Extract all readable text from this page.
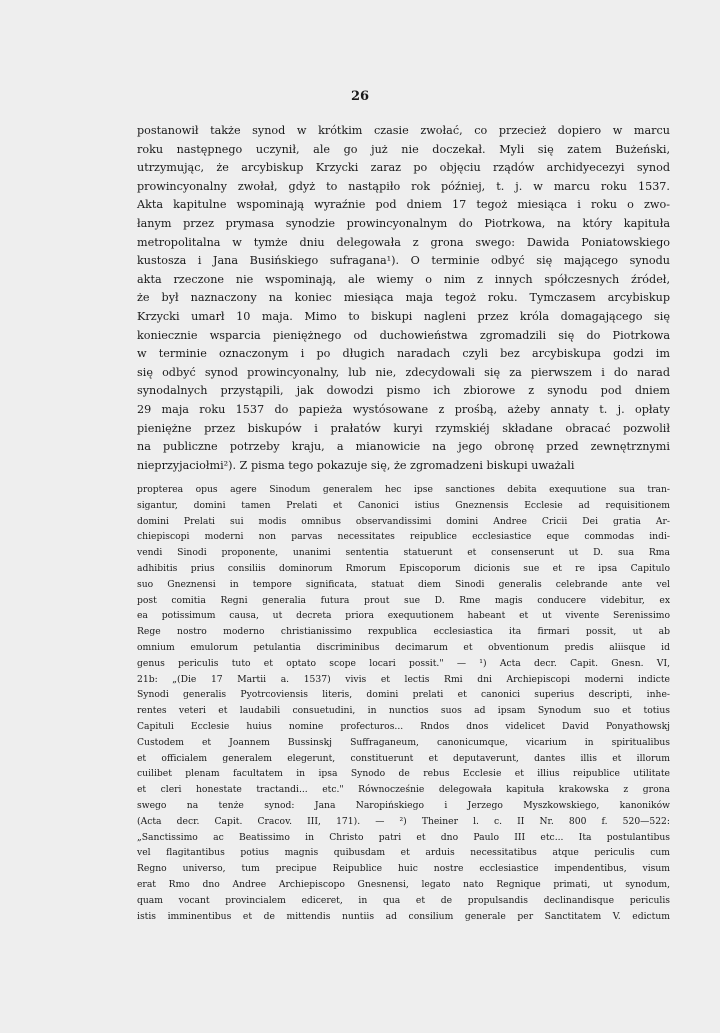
26
postanowił także synod w krótkim czasie zwołać, co przecież dopiero w marcu
roku następnego uczynił, ale go już nie doczekał. Myli się zatem Bużeński,
utrzymując, że arcybiskup Krzycki zaraz po objęciu rządów archidyecezyi synod
prowincyonalny zwołał, gdyż to nastąpiło rok później, t. j. w marcu roku 1537.
Akta kapitulne wspominają wyraźnie pod dniem 17 tegoż miesiąca i roku o zwo-
łanym przez prymasa synodzie prowincyonalnym do Piotrkowa, na który kapituła
metropolitalna w tymże dniu delegowała z grona swego: Dawida Poniatowskiego
kustosza i Jana Busińskiego sufragana¹). O terminie odbyć się mającego synodu
akta rzeczone nie wspominają, ale wiemy o nim z innych spółczesnych źródeł,
że był naznaczony na koniec miesiąca maja tegoż roku. Tymczasem arcybiskup
Krzycki umarł 10 maja. Mimo to biskupi nagleni przez króla domagającego się
koniecznie wsparcia pieniężnego od duchowieństwa zgromadzili się do Piotrkowa
w terminie oznaczonym i po długich naradach czyli bez arcybiskupa godzi im
się odbyć synod prowincyonalny, lub nie, zdecydowali się za pierwszem i do narad
synodalnych przystąpili, jak dowodzi pismo ich zbiorowe z synodu pod dniem
29 maja roku 1537 do papieża wystósowane z prośbą, ażeby annaty t. j. opłaty
pieniężne przez biskupów i prałatów kuryi rzymskiéj składane obracać pozwolił
na publiczne potrzeby kraju, a mianowicie na jego obronę przed zewnętrznymi
nieprzyjaciołmi²). Z pisma tego pokazuje się, że zgromadzeni biskupi uważali
propterea opus agere Sinodum generalem hec ipse sanctiones debita exequutione sua tran-
sigantur, domini tamen Prelati et Canonici istius Gneznensis Ecclesie ad requisitionem
domini Prelati sui modis omnibus observandissimi domini Andree Cricii Dei gratia Ar-
chiepiscopi moderni non parvas necessitates reipublice ecclesiastice eque commodas indi-
vendi Sinodi proponente, unanimi sententia statuerunt et consenserunt ut D. sua Rma
adhibitis prius consiliis dominorum Rmorum Episcoporum dicionis sue et re ipsa Capitulo
suo Gneznensi in tempore significata, statuat diem Sinodi generalis celebrande ante vel
post comitia Regni generalia futura prout sue D. Rme magis conducere videbitur, ex
ea potissimum causa, ut decreta priora exequutionem habeant et ut vivente Serenissimo
Rege nostro moderno christianissimo rexpublica ecclesiastica ita firmari possit, ut ab
omnium emulorum petulantia discriminibus decimarum et obventionum predis aliisque id
genus periculis tuto et optato scope locari possit." — ¹) Acta decr. Capit. Gnesn. VI,
21b: „(Die 17 Martii a. 1537) vivis et lectis Rmi dni Archiepiscopi moderni indicte
Synodi generalis Pyotrcoviensis literis, domini prelati et canonici superius descripti, inhe-
rentes veteri et laudabili consuetudini, in nunctios suos ad ipsam Synodum suo et totius
Capituli Ecclesie huius nomine profecturos... Rndos dnos videlicet David Ponyathowskj
Custodem et Joannem Bussinskj Suffraganeum, canonicumque, vicarium in spiritualibus
et officialem generalem elegerunt, constituerunt et deputaverunt, dantes illis et illorum
cuilibet plenam facultatem in ipsa Synodo de rebus Ecclesie et illius reipublice utilitate
et cleri honestate tractandi... etc." Równocześnie delegowała kapituła krakowska z grona
swego na tenże synod: Jana Naropińskiego i Jerzego Myszkowskiego, kanoników
(Acta decr. Capit. Cracov. III, 171). — ²) Theiner l. c. II Nr. 800 f. 520—522:
„Sanctissimo ac Beatissimo in Christo patri et dno Paulo III etc... Ita postulantibus
vel flagitantibus potius magnis quibusdam et arduis necessitatibus atque periculis cum
Regno universo, tum precipue Reipublice huic nostre ecclesiastice impendentibus, visum
erat Rmo dno Andree Archiepiscopo Gnesnensi, legato nato Regnique primati, ut synodum,
quam vocant provincialem ediceret, in qua et de propulsandis declinandisque periculis
istis imminentibus et de mittendis nuntiis ad consilium generale per Sanctitatem V. edictum
